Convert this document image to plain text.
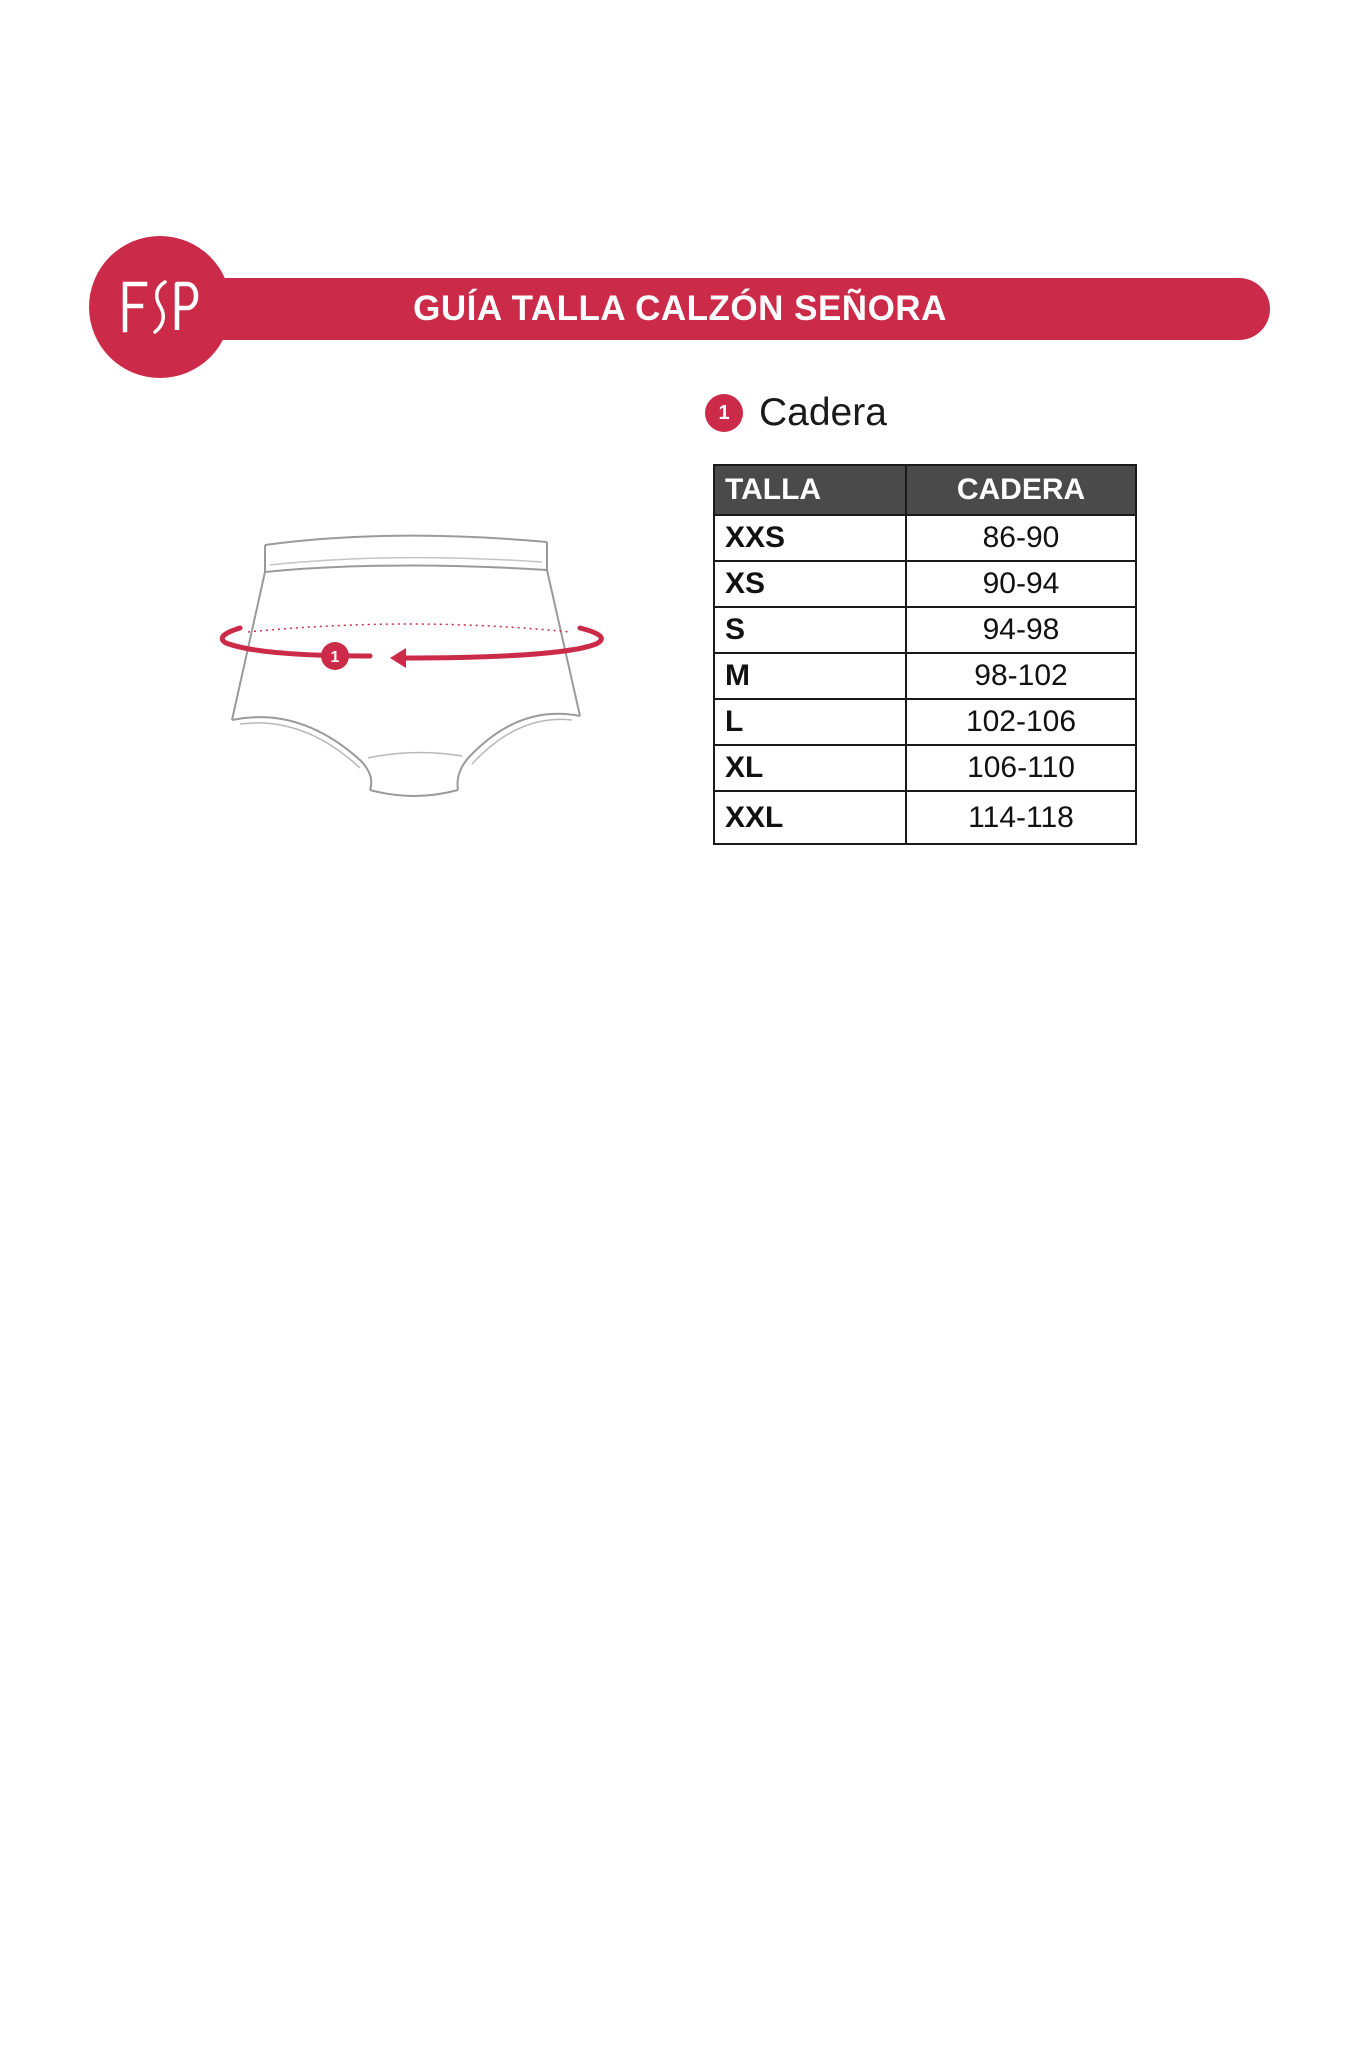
GUÍA TALLA CALZÓN SEÑORA
1
1 Cadera
TALLA	CADERA
XXS	86-90
XS	90-94
S	94-98
M	98-102
L	102-106
XL	106-110
XXL	114-118
